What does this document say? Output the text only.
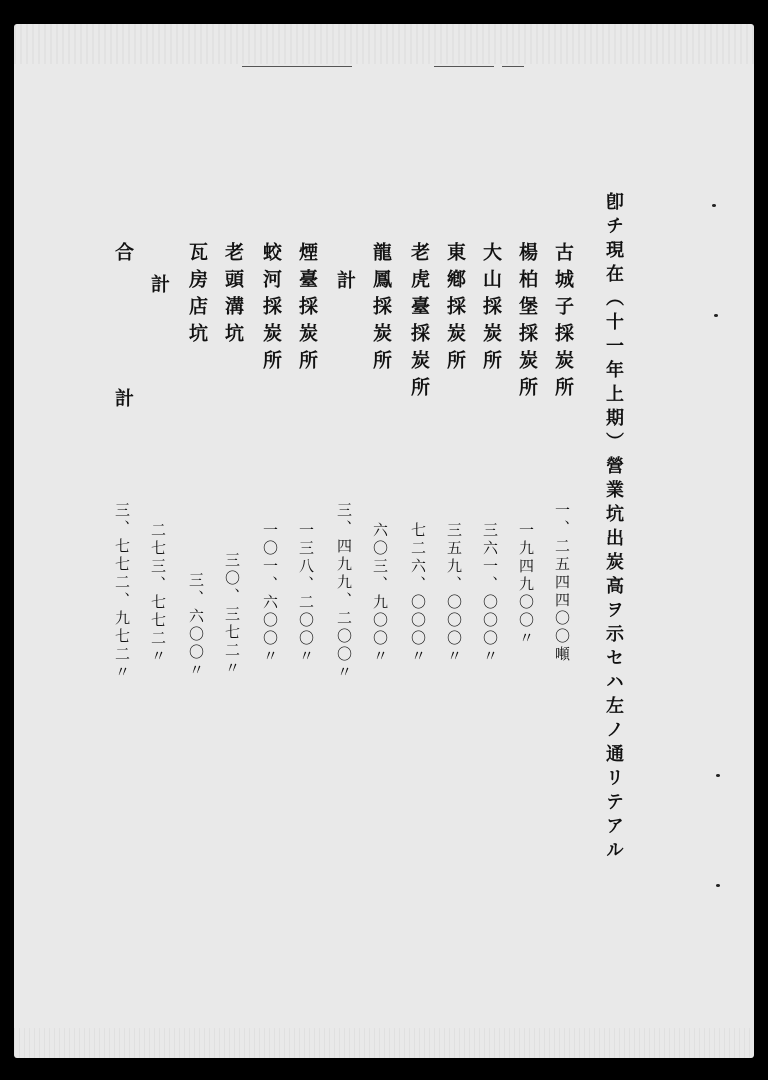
卽チ現在（十一年上期）營業坑出炭高ヲ示セハ左ノ通リテアル
古城子採炭所
楊柏堡採炭所
大山採炭所
東鄕採炭所
老虎臺採炭所
龍鳳採炭所
計
煙臺採炭所
蛟河採炭所
老頭溝坑
瓦房店坑
計
合　計
一、二五四四〇〇噸
一九四九〇〇〃
三六一、〇〇〇〃
三五九、〇〇〇〃
七二六、〇〇〇〃
六〇三、九〇〇〃
三、四九九、二〇〇〃
一三八、二〇〇〃
一〇一、六〇〇〃
三〇、三七二〃
三、六〇〇〃
二七三、七七二〃
三、七七二、九七二〃
